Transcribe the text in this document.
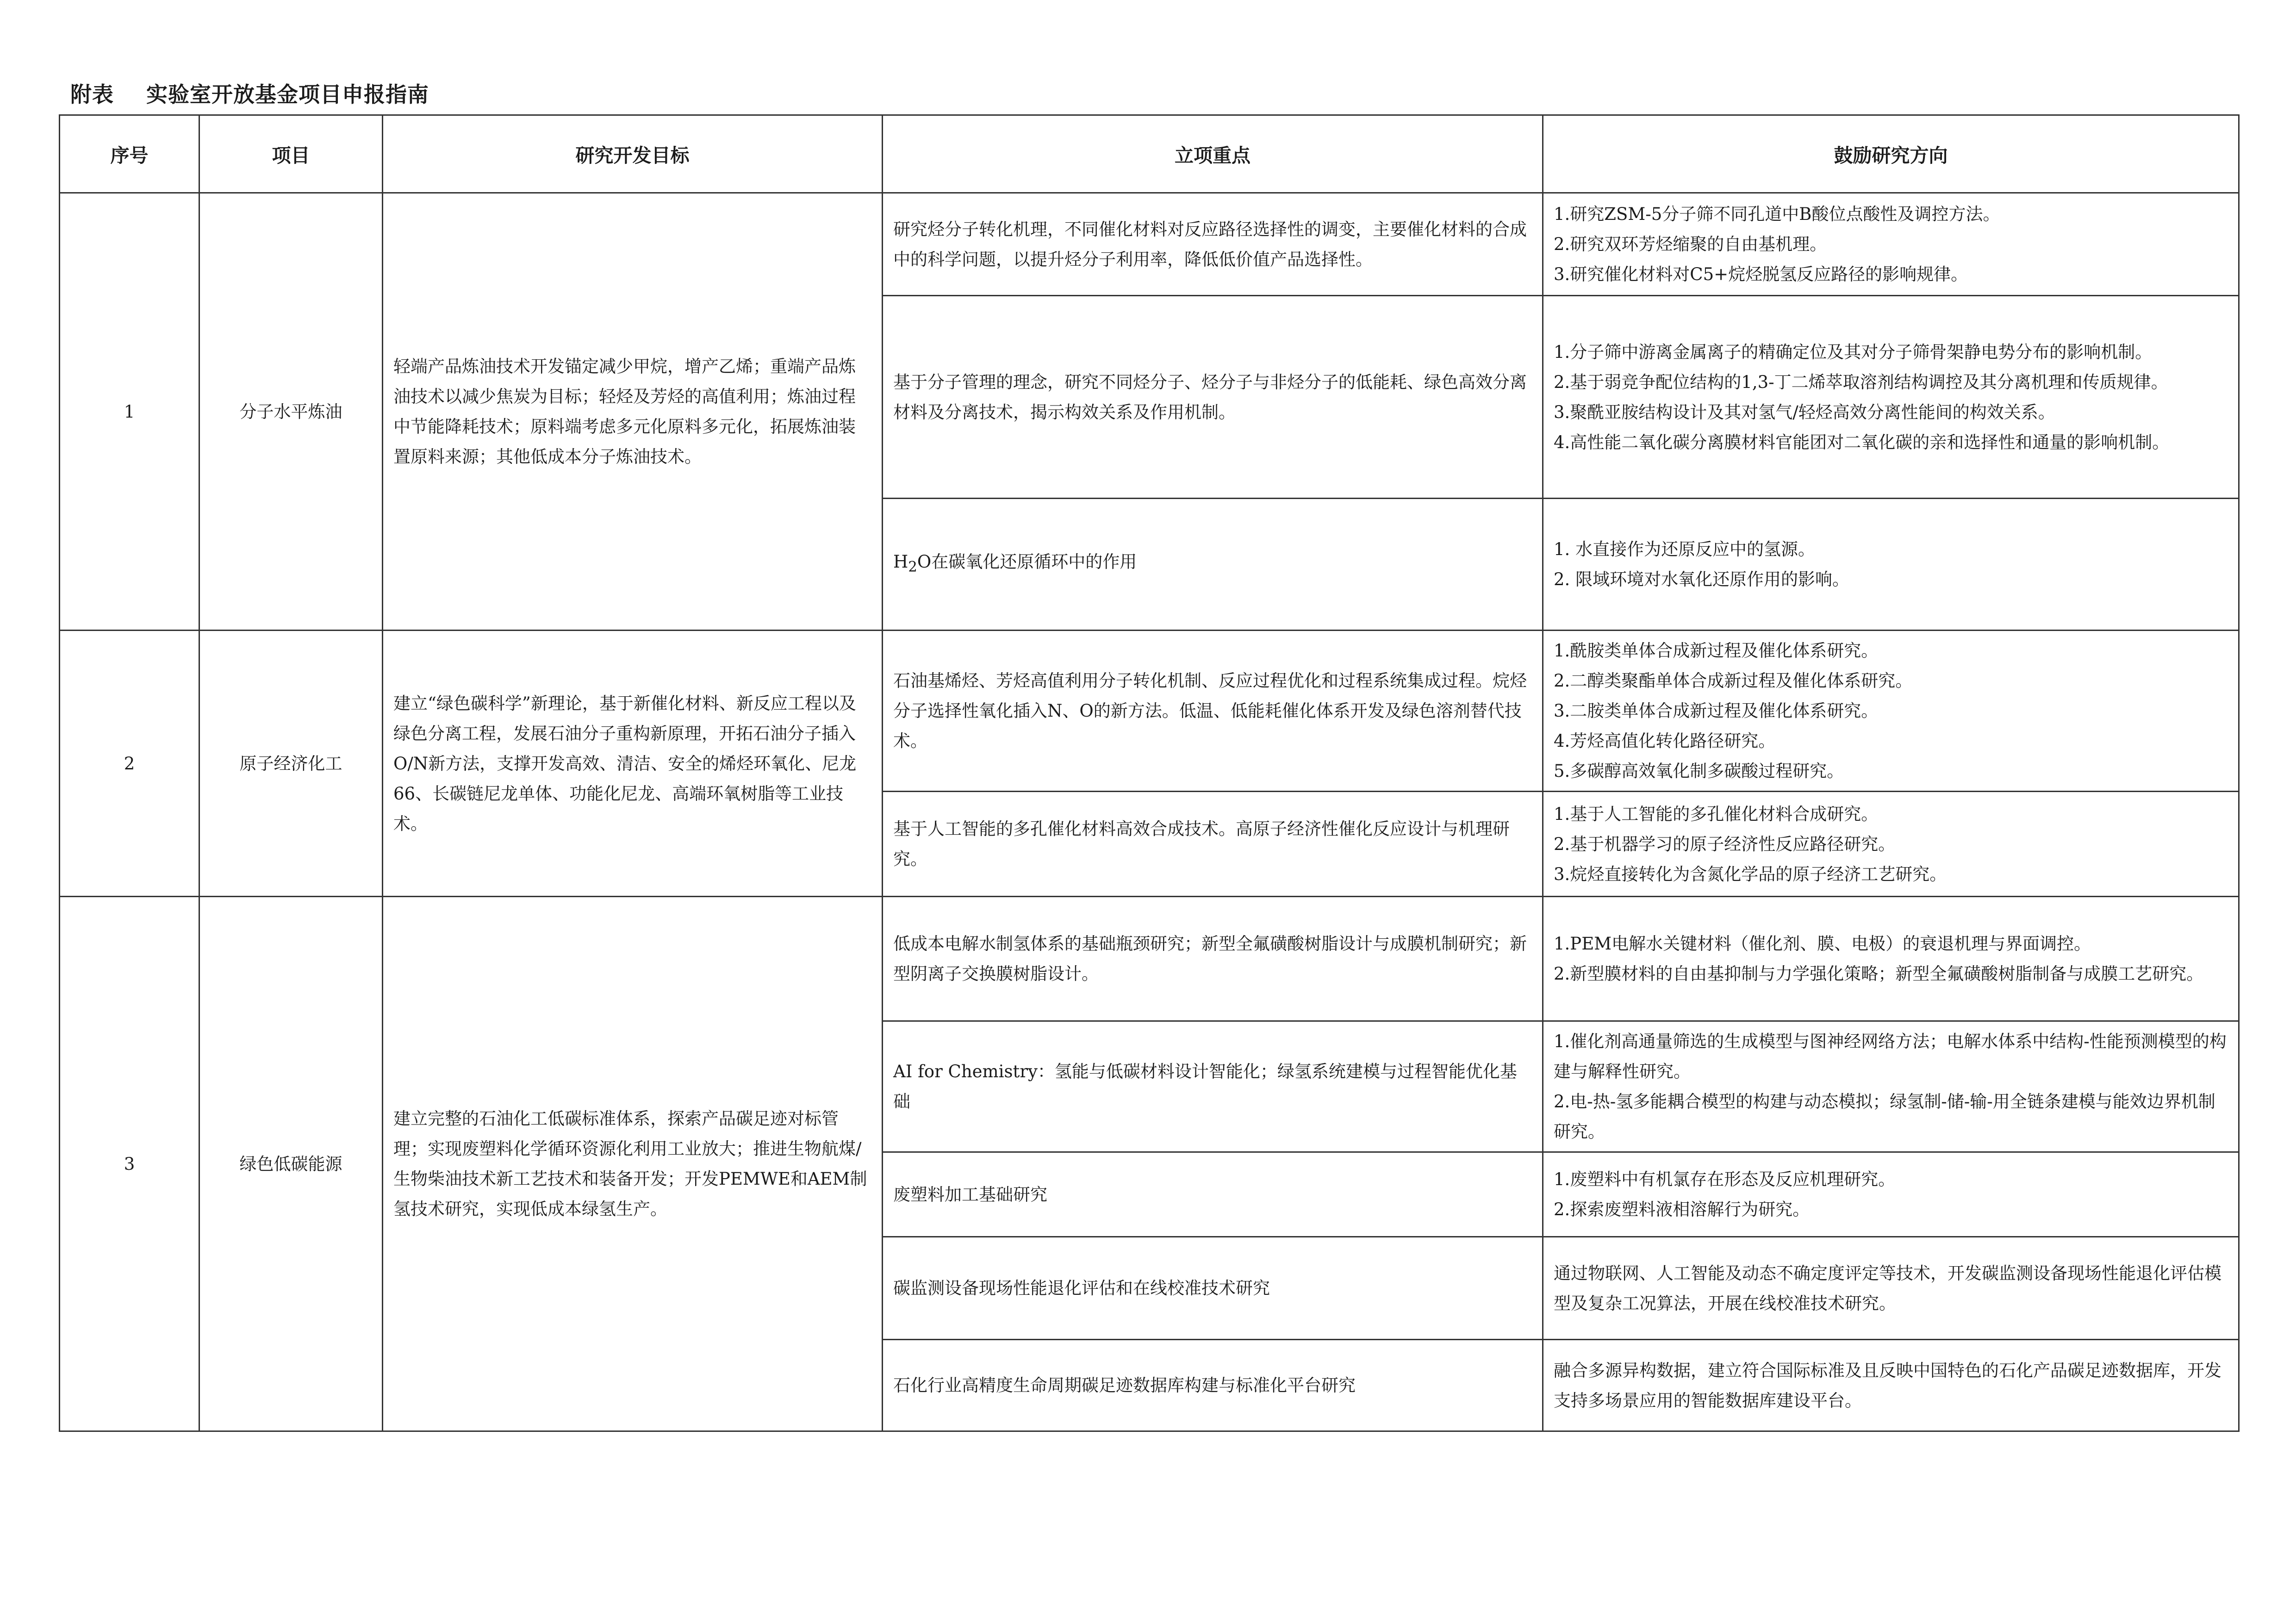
附表 实验室开放基金项目申报指南
序号	项目	研究开发目标	立项重点	鼓励研究方向
1	分子水平炼油	轻端产品炼油技术开发锚定减少甲烷，增产乙烯；重端产品炼油技术以减少焦炭为目标；轻烃及芳烃的高值利用；炼油过程中节能降耗技术；原料端考虑多元化原料多元化，拓展炼油装置原料来源；其他低成本分子炼油技术。	研究烃分子转化机理，不同催化材料对反应路径选择性的调变，主要催化材料的合成中的科学问题，以提升烃分子利用率，降低低价值产品选择性。	1.研究ZSM-5分子筛不同孔道中B酸位点酸性及调控方法。
2.研究双环芳烃缩聚的自由基机理。
3.研究催化材料对C5+烷烃脱氢反应路径的影响规律。

			基于分子管理的理念，研究不同烃分子、烃分子与非烃分子的低能耗、绿色高效分离材料及分离技术，揭示构效关系及作用机制。	1.分子筛中游离金属离子的精确定位及其对分子筛骨架静电势分布的影响机制。
2.基于弱竞争配位结构的1,3-丁二烯萃取溶剂结构调控及其分离机理和传质规律。
3.聚酰亚胺结构设计及其对氢气/轻烃高效分离性能间的构效关系。
4.高性能二氧化碳分离膜材料官能团对二氧化碳的亲和选择性和通量的影响机制。

			$H_2O$在碳氧化还原循环中的作用	1. 水直接作为还原反应中的氢源。
2. 限域环境对水氧化还原作用的影响。

2	原子经济化工	建立“绿色碳科学”新理论，基于新催化材料、新反应工程以及绿色分离工程，发展石油分子重构新原理，开拓石油分子插入O/N新方法，支撑开发高效、清洁、安全的烯烃环氧化、尼龙66、长碳链尼龙单体、功能化尼龙、高端环氧树脂等工业技术。	石油基烯烃、芳烃高值利用分子转化机制、反应过程优化和过程系统集成过程。烷烃分子选择性氧化插入N、O的新方法。低温、低能耗催化体系开发及绿色溶剂替代技术。	1.酰胺类单体合成新过程及催化体系研究。
2.二醇类聚酯单体合成新过程及催化体系研究。
3.二胺类单体合成新过程及催化体系研究。
4.芳烃高值化转化路径研究。
5.多碳醇高效氧化制多碳酸过程研究。

			基于人工智能的多孔催化材料高效合成技术。高原子经济性催化反应设计与机理研究。	1.基于人工智能的多孔催化材料合成研究。
2.基于机器学习的原子经济性反应路径研究。
3.烷烃直接转化为含氮化学品的原子经济工艺研究。

3	绿色低碳能源	建立完整的石油化工低碳标准体系，探索产品碳足迹对标管理；实现废塑料化学循环资源化利用工业放大；推进生物航煤/生物柴油技术新工艺技术和装备开发；开发PEMWE和AEM制氢技术研究，实现低成本绿氢生产。	低成本电解水制氢体系的基础瓶颈研究；新型全氟磺酸树脂设计与成膜机制研究；新型阴离子交换膜树脂设计。	1.PEM电解水关键材料（催化剂、膜、电极）的衰退机理与界面调控。
2.新型膜材料的自由基抑制与力学强化策略；新型全氟磺酸树脂制备与成膜工艺研究。

			AI for Chemistry：氢能与低碳材料设计智能化；绿氢系统建模与过程智能优化基础	1.催化剂高通量筛选的生成模型与图神经网络方法；电解水体系中结构-性能预测模型的构建与解释性研究。
2.电-热-氢多能耦合模型的构建与动态模拟；绿氢制-储-输-用全链条建模与能效边界机制研究。

			废塑料加工基础研究	1.废塑料中有机氯存在形态及反应机理研究。
2.探索废塑料液相溶解行为研究。

			碳监测设备现场性能退化评估和在线校准技术研究	通过物联网、人工智能及动态不确定度评定等技术，开发碳监测设备现场性能退化评估模型及复杂工况算法，开展在线校准技术研究。

			石化行业高精度生命周期碳足迹数据库构建与标准化平台研究	融合多源异构数据，建立符合国际标准及且反映中国特色的石化产品碳足迹数据库，开发支持多场景应用的智能数据库建设平台。
